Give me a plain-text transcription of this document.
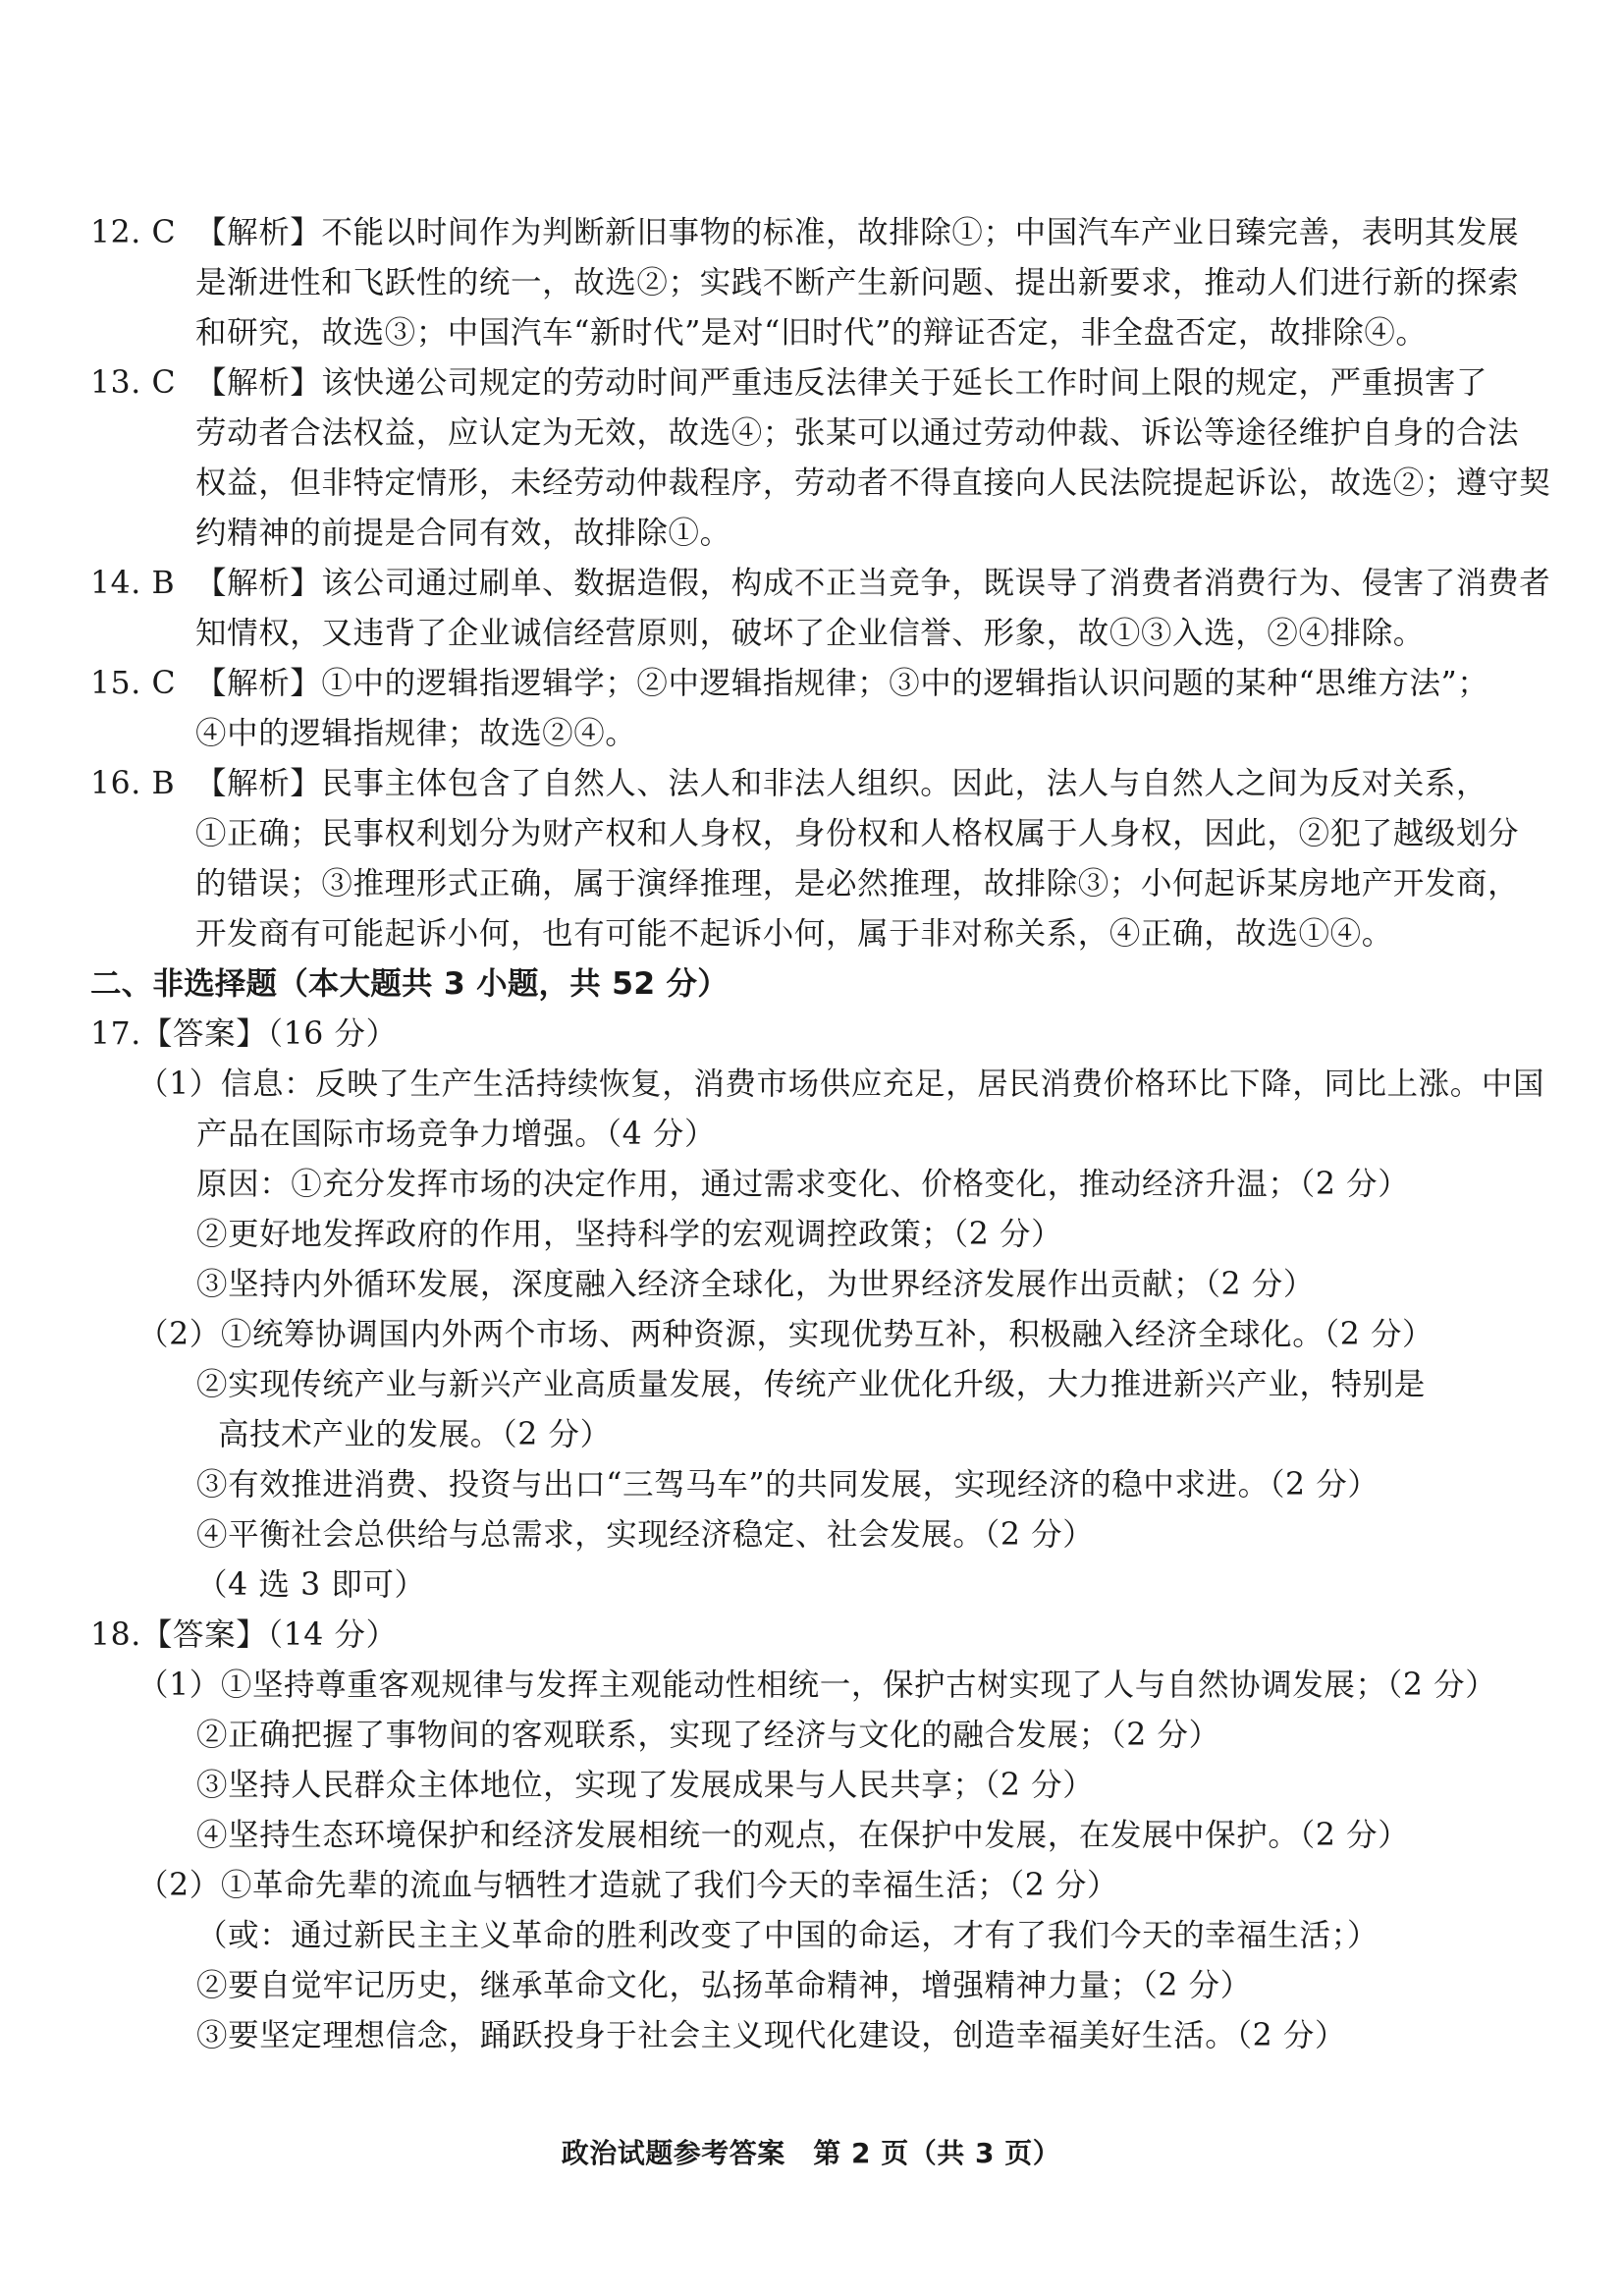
12. C 【解析】不能以时间作为判断新旧事物的标准，故排除①；中国汽车产业日臻完善，表明其发展
是渐进性和飞跃性的统一，故选②；实践不断产生新问题、提出新要求，推动人们进行新的探索
和研究，故选③；中国汽车“新时代”是对“旧时代”的辩证否定，非全盘否定，故排除④。
13. C 【解析】该快递公司规定的劳动时间严重违反法律关于延长工作时间上限的规定，严重损害了
劳动者合法权益，应认定为无效，故选④；张某可以通过劳动仲裁、诉讼等途径维护自身的合法
权益，但非特定情形，未经劳动仲裁程序，劳动者不得直接向人民法院提起诉讼，故选②；遵守契
约精神的前提是合同有效，故排除①。
14. B 【解析】该公司通过刷单、数据造假，构成不正当竞争，既误导了消费者消费行为、侵害了消费者
知情权，又违背了企业诚信经营原则，破坏了企业信誉、形象，故①③入选，②④排除。
15. C 【解析】①中的逻辑指逻辑学；②中逻辑指规律；③中的逻辑指认识问题的某种“思维方法”；
④中的逻辑指规律；故选②④。
16. B 【解析】民事主体包含了自然人、法人和非法人组织。因此，法人与自然人之间为反对关系，
①正确；民事权利划分为财产权和人身权，身份权和人格权属于人身权，因此，②犯了越级划分
的错误；③推理形式正确，属于演绎推理，是必然推理，故排除③；小何起诉某房地产开发商，
开发商有可能起诉小何，也有可能不起诉小何，属于非对称关系，④正确，故选①④。
二、非选择题（本大题共 3 小题，共 52 分）
17.【答案】（16 分）
（1）信息：反映了生产生活持续恢复，消费市场供应充足，居民消费价格环比下降，同比上涨。中国
产品在国际市场竞争力增强。（4 分）
原因：①充分发挥市场的决定作用，通过需求变化、价格变化，推动经济升温；（2 分）
②更好地发挥政府的作用，坚持科学的宏观调控政策；（2 分）
③坚持内外循环发展，深度融入经济全球化，为世界经济发展作出贡献；（2 分）
（2）①统筹协调国内外两个市场、两种资源，实现优势互补，积极融入经济全球化。（2 分）
②实现传统产业与新兴产业高质量发展，传统产业优化升级，大力推进新兴产业，特别是
高技术产业的发展。（2 分）
③有效推进消费、投资与出口“三驾马车”的共同发展，实现经济的稳中求进。（2 分）
④平衡社会总供给与总需求，实现经济稳定、社会发展。（2 分）
（4 选 3 即可）
18.【答案】（14 分）
（1）①坚持尊重客观规律与发挥主观能动性相统一，保护古树实现了人与自然协调发展；（2 分）
②正确把握了事物间的客观联系，实现了经济与文化的融合发展；（2 分）
③坚持人民群众主体地位，实现了发展成果与人民共享；（2 分）
④坚持生态环境保护和经济发展相统一的观点，在保护中发展，在发展中保护。（2 分）
（2）①革命先辈的流血与牺牲才造就了我们今天的幸福生活；（2 分）
（或：通过新民主主义革命的胜利改变了中国的命运，才有了我们今天的幸福生活；）
②要自觉牢记历史，继承革命文化，弘扬革命精神，增强精神力量；（2 分）
③要坚定理想信念，踊跃投身于社会主义现代化建设，创造幸福美好生活。（2 分）
政治试题参考答案　第 2 页（共 3 页）
